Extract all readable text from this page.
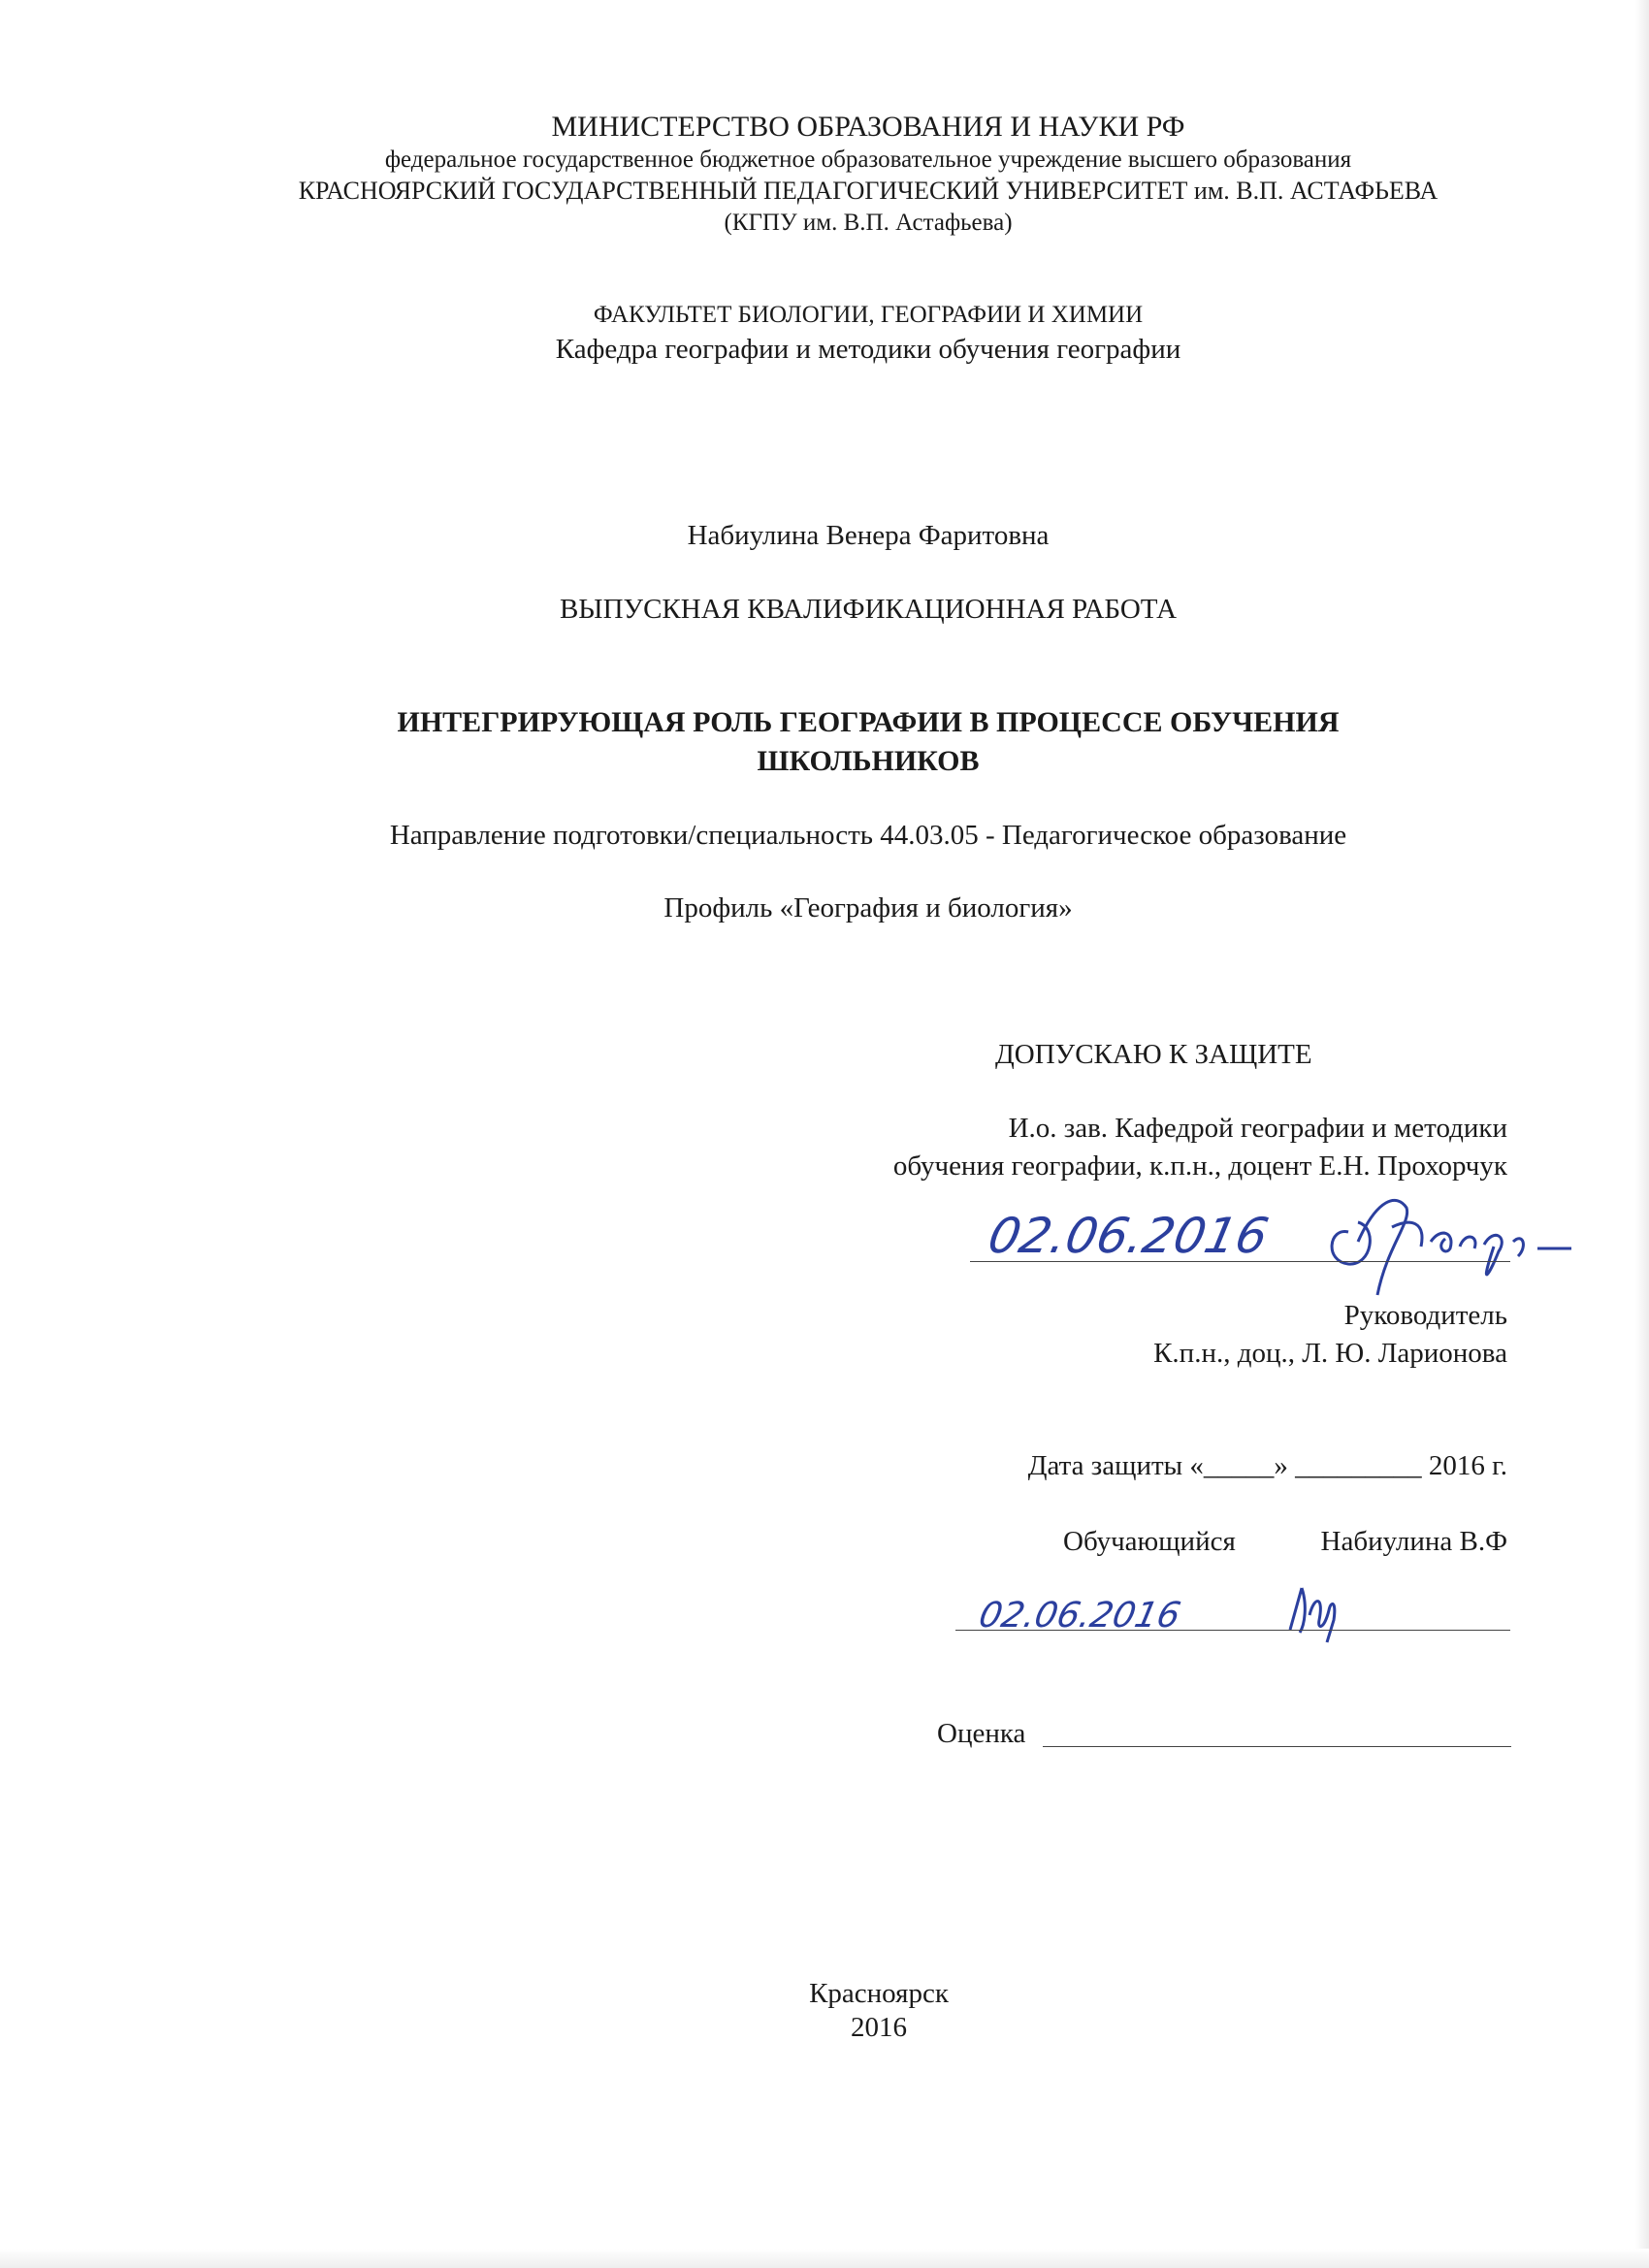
МИНИСТЕРСТВО ОБРАЗОВАНИЯ И НАУКИ РФ
федеральное государственное бюджетное образовательное учреждение высшего образования
КРАСНОЯРСКИЙ ГОСУДАРСТВЕННЫЙ ПЕДАГОГИЧЕСКИЙ УНИВЕРСИТЕТ им. В.П. АСТАФЬЕВА
(КГПУ им. В.П. Астафьева)
ФАКУЛЬТЕТ БИОЛОГИИ, ГЕОГРАФИИ И ХИМИИ
Кафедра географии и методики обучения географии
Набиулина Венера Фаритовна
ВЫПУСКНАЯ КВАЛИФИКАЦИОННАЯ РАБОТА
ИНТЕГРИРУЮЩАЯ РОЛЬ ГЕОГРАФИИ В ПРОЦЕССЕ ОБУЧЕНИЯ
ШКОЛЬНИКОВ
Направление подготовки/специальность 44.03.05 - Педагогическое образование
Профиль «География и биология»
ДОПУСКАЮ К ЗАЩИТЕ
И.о. зав. Кафедрой географии и методики
обучения географии, к.п.н., доцент Е.Н. Прохорчук
02.06.2016
Руководитель
К.п.н., доц., Л. Ю. Ларионова
Дата защиты «_____» _________ 2016 г.
Обучающийся	Набиулина В.Ф
02.06.2016
Оценка
Красноярск
2016
